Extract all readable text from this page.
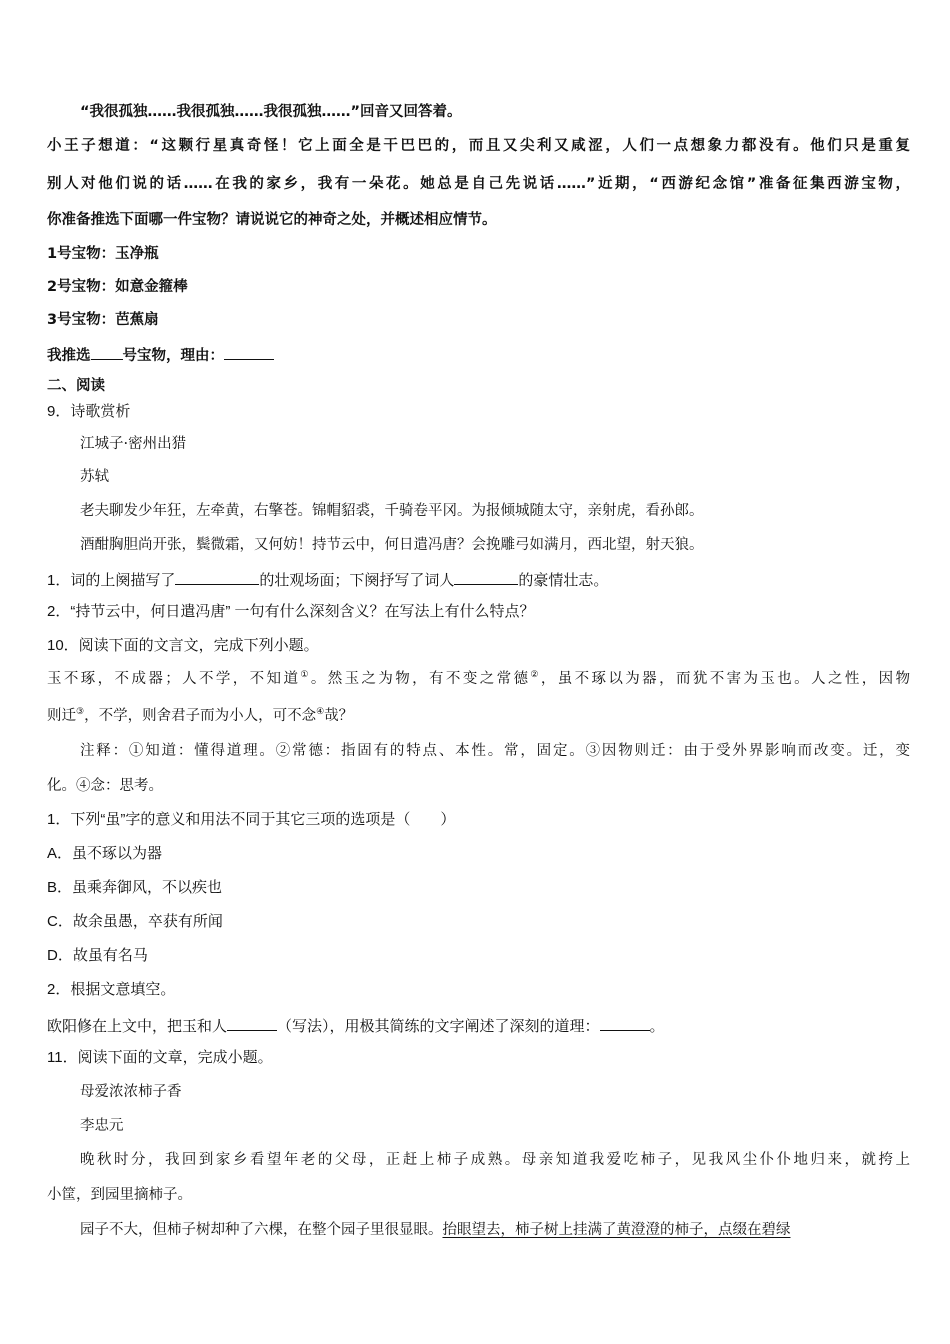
“我很孤独……我很孤独……我很孤独……”回音又回答着。
小王子想道：“这颗行星真奇怪！它上面全是干巴巴的，而且又尖利又咸涩，人们一点想象力都没有。他们只是重复
别人对他们说的话……在我的家乡，我有一朵花。她总是自己先说话……”近期，“西游纪念馆”准备征集西游宝物，
你准备推选下面哪一件宝物？请说说它的神奇之处，并概述相应情节。
1号宝物：玉净瓶
2号宝物：如意金箍棒
3号宝物：芭蕉扇
我推选 号宝物，理由：
二、阅读
9．诗歌赏析
江城子·密州出猎
苏轼
老夫聊发少年狂，左牵黄，右擎苍。锦帽貂裘，千骑卷平冈。为报倾城随太守，亲射虎，看孙郎。
酒酣胸胆尚开张，鬓微霜，又何妨！持节云中，何日遣冯唐？会挽雕弓如满月，西北望，射天狼。
1．词的上阕描写了	的壮观场面；下阕抒写了词人	的豪情壮志。
2．“持节云中，何日遣冯唐” 一句有什么深刻含义？在写法上有什么特点？
10．阅读下面的文言文，完成下列小题。
玉不琢，不成器；人不学，不知道①。然玉之为物，有不变之常德②，虽不琢以为器，而犹不害为玉也。人之性，因物
则迁③，不学，则舍君子而为小人，可不念④哉？
注释：①知道：懂得道理。②常德：指固有的特点、本性。常，固定。③因物则迁：由于受外界影响而改变。迁，变
化。④念：思考。
1．下列“虽”字的意义和用法不同于其它三项的选项是（　　）
A．虽不琢以为器
B．虽乘奔御风，不以疾也
C．故余虽愚，卒获有所闻
D．故虽有名马
2．根据文意填空。
欧阳修在上文中，把玉和人	（写法），用极其简练的文字阐述了深刻的道理：	。
11．阅读下面的文章，完成小题。
母爱浓浓柿子香
李忠元
晚秋时分，我回到家乡看望年老的父母，正赶上柿子成熟。母亲知道我爱吃柿子，见我风尘仆仆地归来，就挎上
小筐，到园里摘柿子。
园子不大，但柿子树却种了六棵，在整个园子里很显眼。抬眼望去，柿子树上挂满了黄澄澄的柿子，点缀在碧绿
